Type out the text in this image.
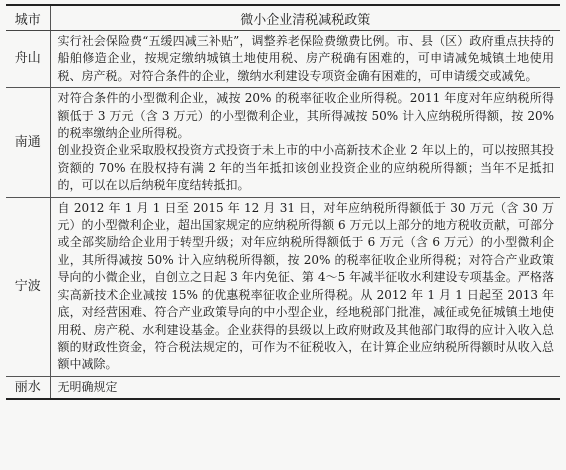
城市	微小企业清税减税政策
舟山	实行社会保险费“五缓四减三补贴”，调整养老保险费缴费比例。市、县（区）政府重点扶持的船舶修造企业，按规定缴纳城镇土地使用税、房产税确有困难的，可申请减免城镇土地使用税、房产税。对符合条件的企业，缴纳水利建设专项资金确有困难的，可申请缓交或减免。

南通	对符合条件的小型微利企业，减按 20% 的税率征收企业所得税。2011 年度对年应纳税所得额低于 3 万元（含 3 万元）的小型微利企业，其所得减按 50% 计入应纳税所得额，按 20% 的税率缴纳企业所得税。
创业投资企业采取股权投资方式投资于未上市的中小高新技术企业 2 年以上的，可以按照其投资额的 70% 在股权持有满 2 年的当年抵扣该创业投资企业的应纳税所得额；当年不足抵扣的，可以在以后纳税年度结转抵扣。

宁波	自 2012 年 1 月 1 日至 2015 年 12 月 31 日，对年应纳税所得额低于 30 万元（含 30 万元）的小型微利企业，超出国家规定的应纳税所得额 6 万元以上部分的地方税收贡献，可部分或全部奖励给企业用于转型升级；对年应纳税所得额低于 6 万元（含 6 万元）的小型微利企业，其所得减按 50% 计入应纳税所得额，按 20% 的税率征收企业所得税；对符合产业政策导向的小微企业，自创立之日起 3 年内免征、第 4～5 年减半征收水利建设专项基金。严格落实高新技术企业减按 15% 的优惠税率征收企业所得税。从 2012 年 1 月 1 日起至 2013 年底，对经营困难、符合产业政策导向的中小型企业，经地税部门批准，减征或免征城镇土地使用税、房产税、水利建设基金。企业获得的县级以上政府财政及其他部门取得的应计入收入总额的财政性资金，符合税法规定的，可作为不征税收入，在计算企业应纳税所得额时从收入总额中减除。

丽水	无明确规定
